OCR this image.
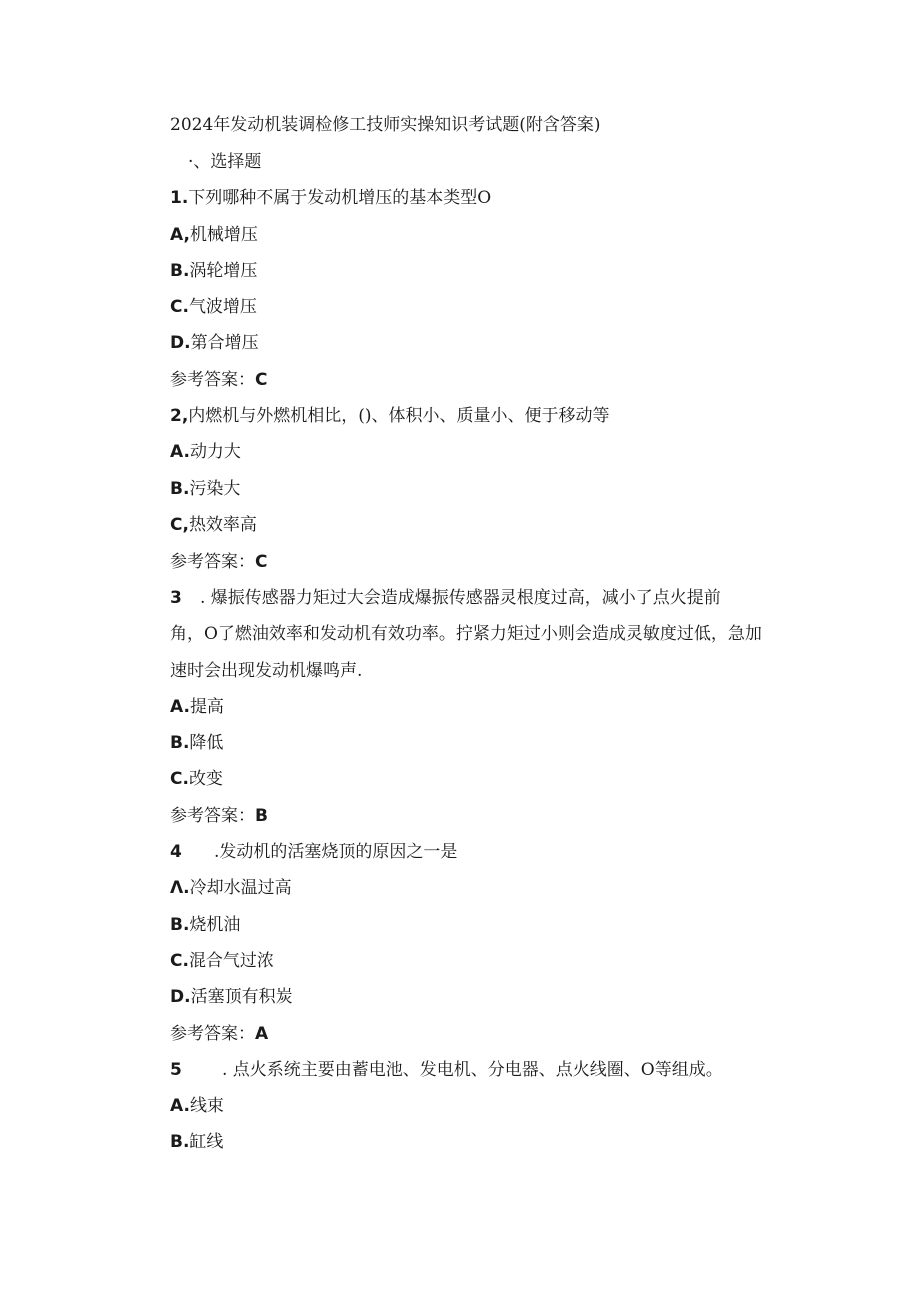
2024年发动机装调检修工技师实操知识考试题(附含答案)
·、选择题
1.下列哪种不属于发动机增压的基本类型O
A,机械增压
B.涡轮增压
C.气波增压
D.第合增压
参考答案：C
2,内燃机与外燃机相比，()、体积小、质量小、便于移动等
A.动力大
B.污染大
C,热效率高
参考答案：C
3 . 爆振传感器力矩过大会造成爆振传感器灵根度过高，减小了点火提前
角，O了燃油效率和发动机有效功率。拧紧力矩过小则会造成灵敏度过低，急加
速时会出现发动机爆鸣声.
A.提高
B.降低
C.改变
参考答案：B
4 .发动机的活塞烧顶的原因之一是
Λ.冷却水温过高
B.烧机油
C.混合气过浓
D.活塞顶有积炭
参考答案：A
5 . 点火系统主要由蓄电池、发电机、分电器、点火线圈、O等组成。
A.线束
B.缸线
